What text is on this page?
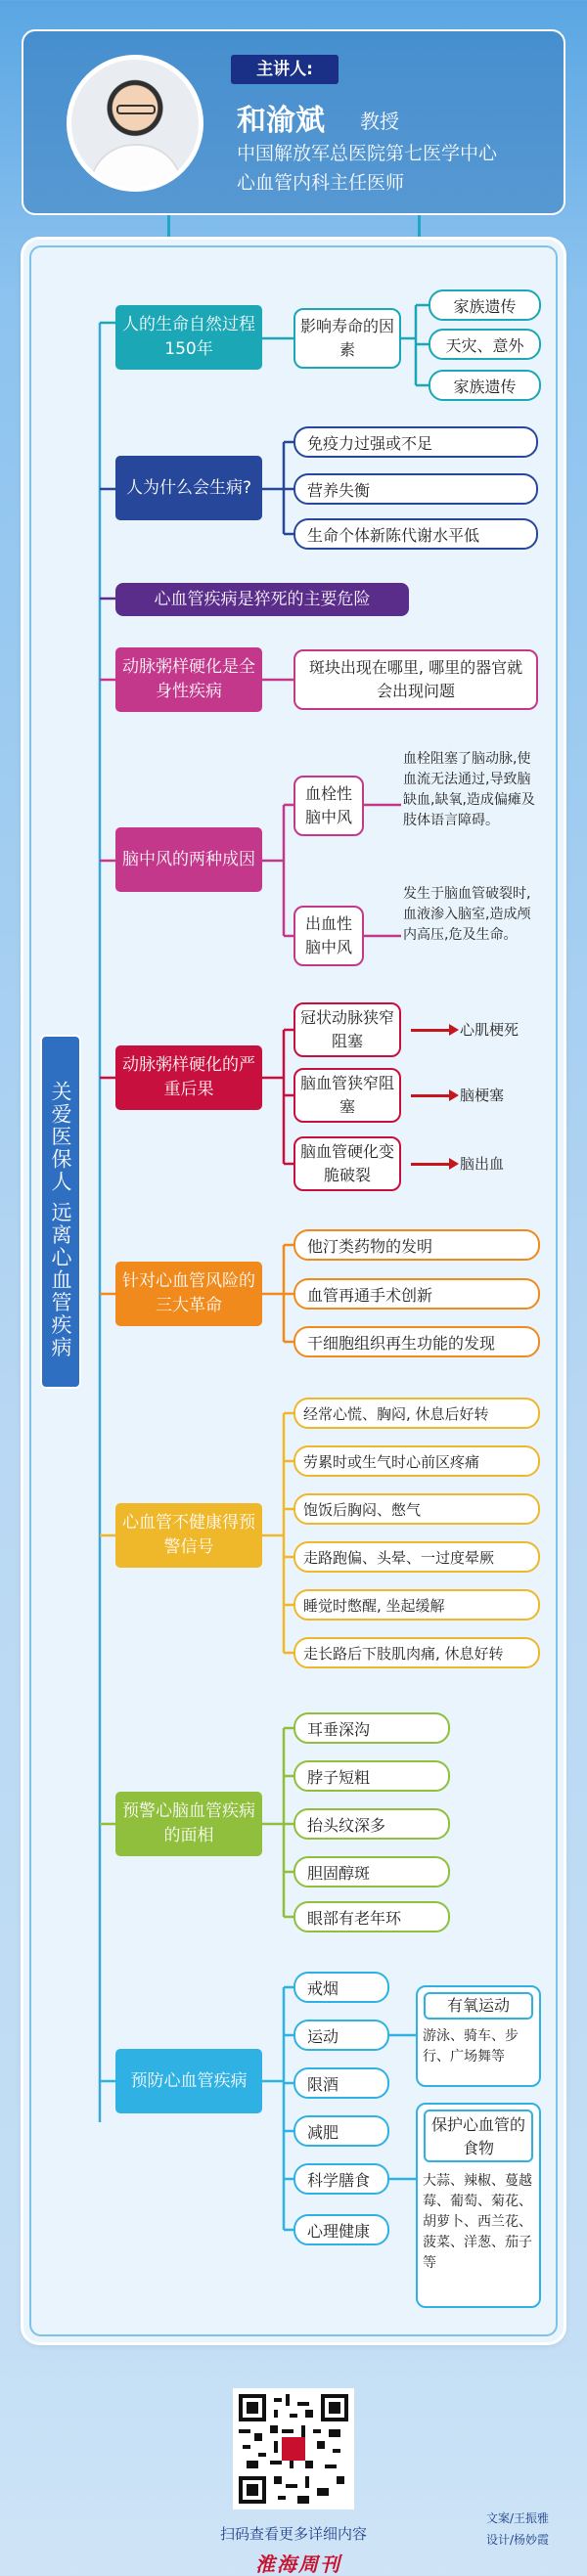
主讲人:
和渝斌 教授
中国解放军总医院第七医学中心
心血管内科主任医师
关爱医保人 远离心血管疾病
人的生命自然过程150年
影响寿命的因素
家族遗传
天灾、意外
家族遗传
人为什么会生病?
免疫力过强或不足
营养失衡
生命个体新陈代谢水平低
心血管疾病是猝死的主要危险
动脉粥样硬化是全身性疾病
斑块出现在哪里, 哪里的器官就会出现问题
脑中风的两种成因
血栓性脑中风
血栓阻塞了脑动脉,使血流无法通过,导致脑缺血,缺氧,造成偏瘫及 肢体语言障碍。
出血性脑中风
发生于脑血管破裂时,血液渗入脑室,造成颅内高压,危及生命。
动脉粥样硬化的严重后果
冠状动脉狭窄阻塞
心肌梗死
脑血管狭窄阻塞
脑梗塞
脑血管硬化变脆破裂
脑出血
针对心血管风险的三大革命
他汀类药物的发明
血管再通手术创新
干细胞组织再生功能的发现
心血管不健康得预警信号
经常心慌、胸闷, 休息后好转
劳累时或生气时心前区疼痛
饱饭后胸闷、憋气
走路跑偏、头晕、一过度晕厥
睡觉时憋醒, 坐起缓解
走长路后下肢肌肉痛, 休息好转
预警心脑血管疾病的面相
耳垂深沟
脖子短粗
抬头纹深多
胆固醇斑
眼部有老年环
预防心血管疾病
戒烟
运动
限酒
减肥
科学膳食
心理健康
有氧运动
游泳、骑车、步行、广场舞等
保护心血管的食物
大蒜、辣椒、蔓越莓、葡萄、菊花、胡萝卜、西兰花、菠菜、洋葱、茄子等
扫码查看更多详细内容
文案/王振雅
设计/杨妙霞
淮海周刊
